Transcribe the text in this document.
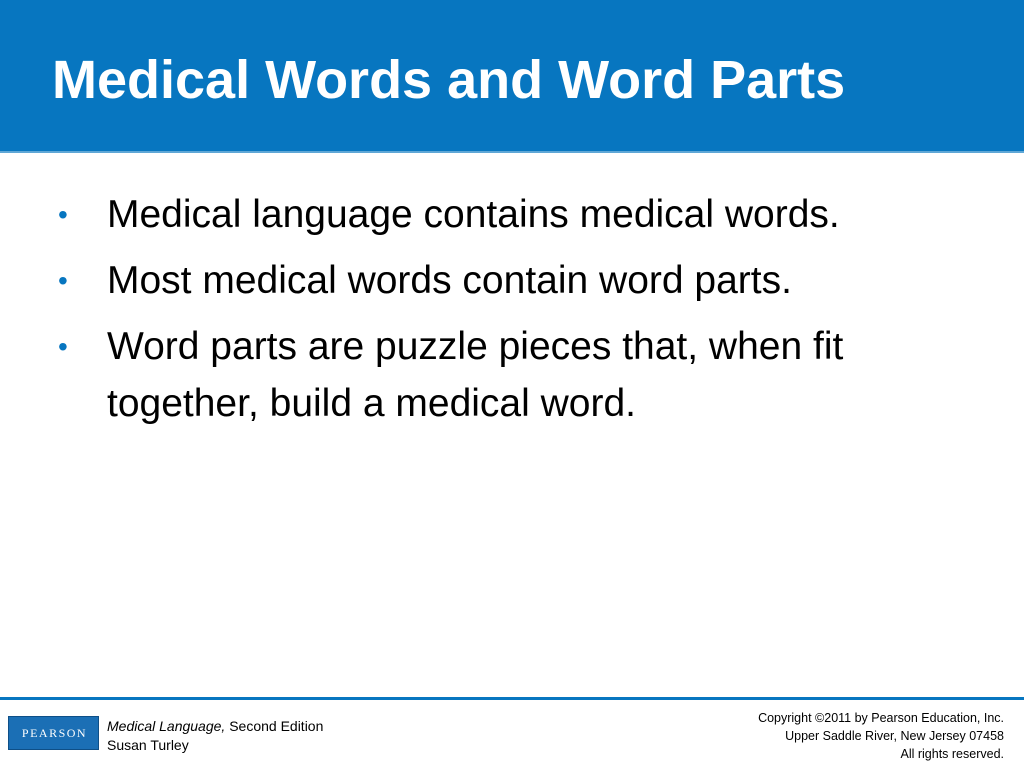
Medical Words and Word Parts
•	Medical language contains medical words.
•	Most medical words contain word parts.
•	Word parts are puzzle pieces that, when fit together, build a medical word.
PEARSON	Medical Language, Second Edition
Susan Turley
Copyright ©2011 by Pearson Education, Inc.
Upper Saddle River, New Jersey 07458
All rights reserved.
